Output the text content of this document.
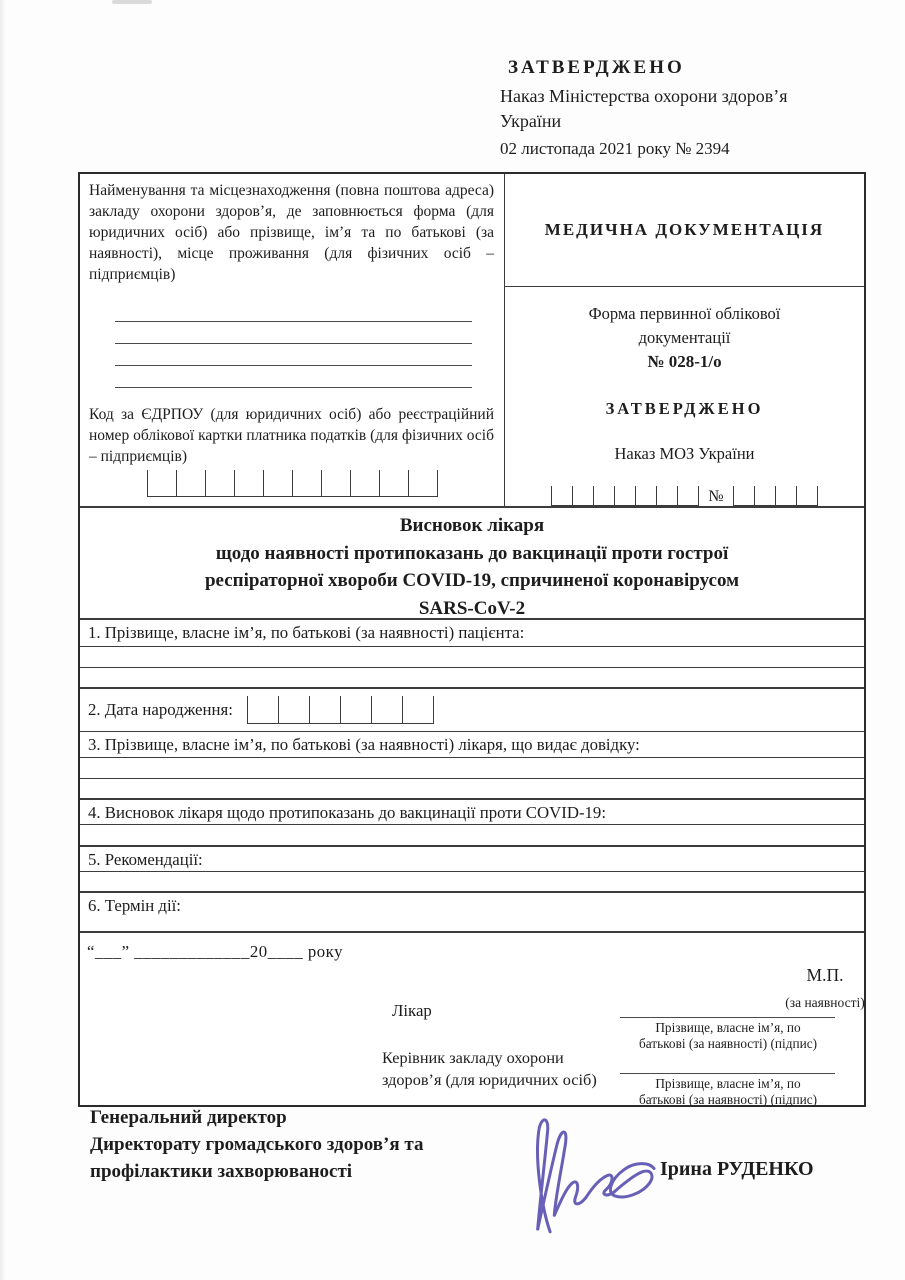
ЗАТВЕРДЖЕНО
Наказ Міністерства охорони здоров’я
України
02 листопада 2021 року № 2394

Найменування та місцезнаходження (повна поштова адреса) закладу охорони здоров’я, де заповнюється форма (для юридичних осіб) або прізвище, ім’я та по батькові (за наявності), місце проживання (для фізичних осіб – підприємців)

Код за ЄДРПОУ (для юридичних осіб) або реєстраційний номер облікової картки платника податків (для фізичних осіб – підприємців)

МЕДИЧНА ДОКУМЕНТАЦІЯ
Форма первинної облікової
документації
№ 028-1/о
ЗАТВЕРДЖЕНО
Наказ МОЗ України
№
Висновок лікаря
щодо наявності протипоказань до вакцинації проти гострої
респіраторної хвороби COVID-19, спричиненої коронавірусом
SARS-CoV-2
1. Прізвище, власне ім’я, по батькові (за наявності) пацієнта:
2. Дата народження:
3. Прізвище, власне ім’я, по батькові (за наявності) лікаря, що видає довідку:
4. Висновок лікаря щодо протипоказань до вакцинації проти COVID-19:
5. Рекомендації:
6. Термін дії:
“___” _____________20____ року
М.П.
(за наявності)
Лікар
Керівник закладу охорони
здоров’я (для юридичних осіб)
Прізвище, власне ім’я, по
батькові (за наявності) (підпис)
Прізвище, власне ім’я, по
батькові (за наявності) (підпис)
Генеральний директор
Директорату громадського здоров’я та
профілактики захворюваності	Ірина РУДЕНКО
